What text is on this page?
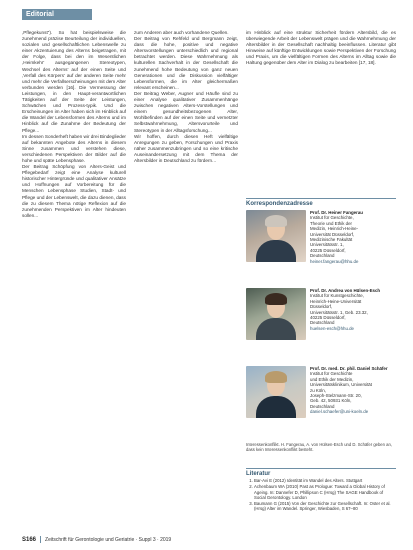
Editorial

,Pflegekunst“). So hat beispielsweise die zunehmend präzise Beurteilung der individuellen, sozialen und gesellschaftlichen Lebenswelle zu einer Akzentuierung des Alterns beigetragen, mit der Folge, dass bei den im Wesentlichen ,Heimkehr‘ ausgegangenen Stereotypen, Wechsel des Alterns‘ auf der einen Seite und ,Verfall des Körpers‘ auf der anderen Seite mehr und mehr die Verfallserscheinungen mit dem Alter verbunden werden [16]. Die Vermessung der Leistungen, in den Haupt-verantwortlichen Tätigkeiten auf der Seite der Leistungen, Schwächen und Prozess-typik. Und die Erscheinungen im Alter haben sich im Hinblick auf die Wandel der Lebensformen des Alterns und im Hinblick auf die Zunahme der Bedeutung der Pflege...

Im dessen Sonderheft haben wir drei Bindeglieder auf bekannten Angebote des Alterns in diesem Sinne zusammen und verstehen diese, verschiedenen Perspektiven der Bilder auf die hohe und späte Lebensphase.

Der Beitrag Schöpfung von Alters-Geist und Pflegebedarf zeigt eine Analyse kulturell historischer Hintergründe und qualitativer Ansätze und Hoffnungen auf Vorbereitung für die Menschen Lebensphase Studien, Stadt- und Pflege und der Lebenswelt, die dazu dienen, dass die zu diesem Thema nötige Reflexion auf die zunehmenden Perspektiven im Alter hindeuten sollen...

zum Anderen aber auch vorhandene Quellen.

Der Beitrag von Rehfeld und Bergmann zeigt, dass die hohe, positive und negative Altersvorstellungen unterschiedlich und regional betrachtet werden. Diese Wahrnehmung als kulturellen Sachverhalt in der Gesellschaft die zunehmend hohe Bedeutung von ganz neuen Generationen und die Diskussion vielfältiger Lebensformen, die im Alter gleichermaßen relevant erscheinen...

Der Beitrag Weber, Augner und Häufle sind zu einer Analyse qualitativer Zusammenhänge zwischen negativen Alters-Vorstellungen und einem gesundheitsbezogenen Alter, Wohlbefinden auf der einen Seite und vernetzter Selbstwahrnehmung, Altersvorurteile und Stereotypen in der Alltagsforschung...

Wir hoffen, durch diesen Heft vielfältige Anregungen zu geben, Forschungen und Praxis näher zusammenzubringen und so eine kritische Auseinandersetzung mit dem Thema der Altersbilder in Deutschland zu fördern...

im Hinblick auf eine struktur Sicherheit fördern Altersbild, die es überwiegende Arbeit der Lebenswelt prägen und die Wahrnehmung der Altersbilder in der Gesellschaft nachhaltig beeinflussen. Literatur gibt Hinweise auf künftige Entwicklungen sowie Perspektiven der Forschung und Praxis, um die vielfältigen Formen des Alterns im Alltag sowie die Haltung gegenüber dem Alter im Dialog zu bearbeiten [17, 18].

Korrespondenzadresse
Prof. Dr. Heiner Fangerau
Institut für Geschichte,
Theorie und Ethik der
Medizin, Heinrich-Heine-
Universität Düsseldorf,
Medizinische Fakultät
Universitätsstr. 1,
40225 Düsseldorf,
Deutschland
heiner.fangerau@hhu.de
Prof. Dr. Andrea von Hülsen-Esch
Institut für Kunstgeschichte,
Heinrich-Heine-Universität
Düsseldorf,
Universitätsstr. 1, Geb. 23.32,
40225 Düsseldorf,
Deutschland
huelsen-esch@hhu.de
Prof. Dr. med. Dr. phil. Daniel Schäfer
Institut für Geschichte
und Ethik der Medizin,
Universitätsklinikum, Universität
zu Köln,
Joseph-Stelzmann-Str. 20,
Geb. 42, 50931 Köln,
Deutschland
daniel.schaefer@uni-koeln.de
Interessenkonflikt. H. Fangerau, A. von Hülsen-Esch und D. Schäfer geben an, dass kein Interessenkonflikt besteht.
Literatur
1. Bar-Avi E (2012) Identität im Wandel des Alters. Stuttgart
2. Achenbaum WA (2010) Past as Prologue: Toward a Global History of Ageing. In: Dannefer D, Phillipson C (Hrsg) The SAGE Handbook of Social Gerontology. London
3. Baumann G (2015) Von der Geschichte zur Gesellschaft. In: Oster et al. (Hrsg) Alter im Wandel. Springer, Wiesbaden, S 67–80
S166 Zeitschrift für Gerontologie und Geriatrie · Suppl 3 · 2019
